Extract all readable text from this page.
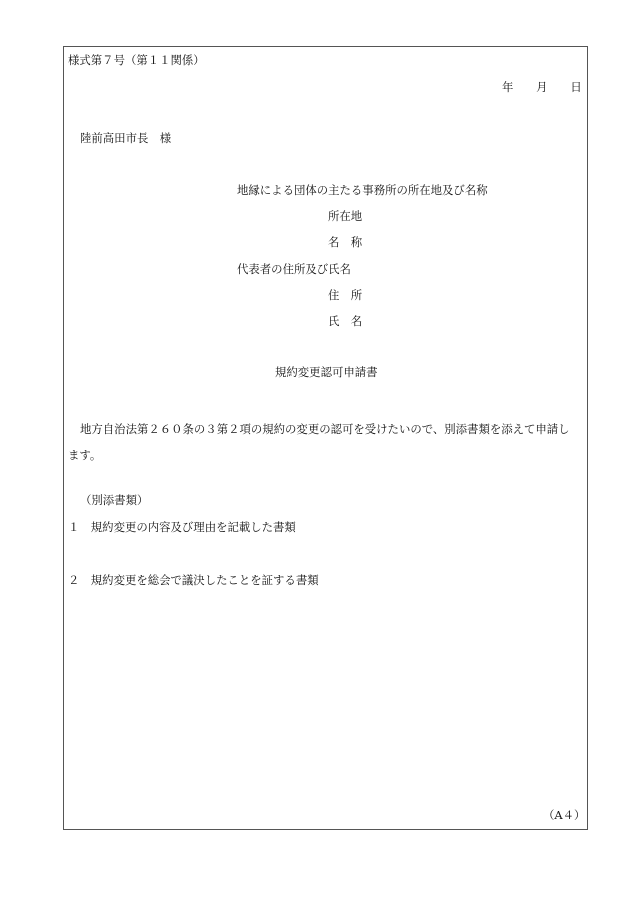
様式第７号（第１１関係）
年　　月　　日
陸前高田市長　様
地縁による団体の主たる事務所の所在地及び名称
所在地
名　称
代表者の住所及び氏名
住　所
氏　名
規約変更認可申請書
地方自治法第２６０条の３第２項の規約の変更の認可を受けたいので、別添書類を添えて申請します。
（別添書類）
１　規約変更の内容及び理由を記載した書類
２　規約変更を総会で議決したことを証する書類
（A４）
